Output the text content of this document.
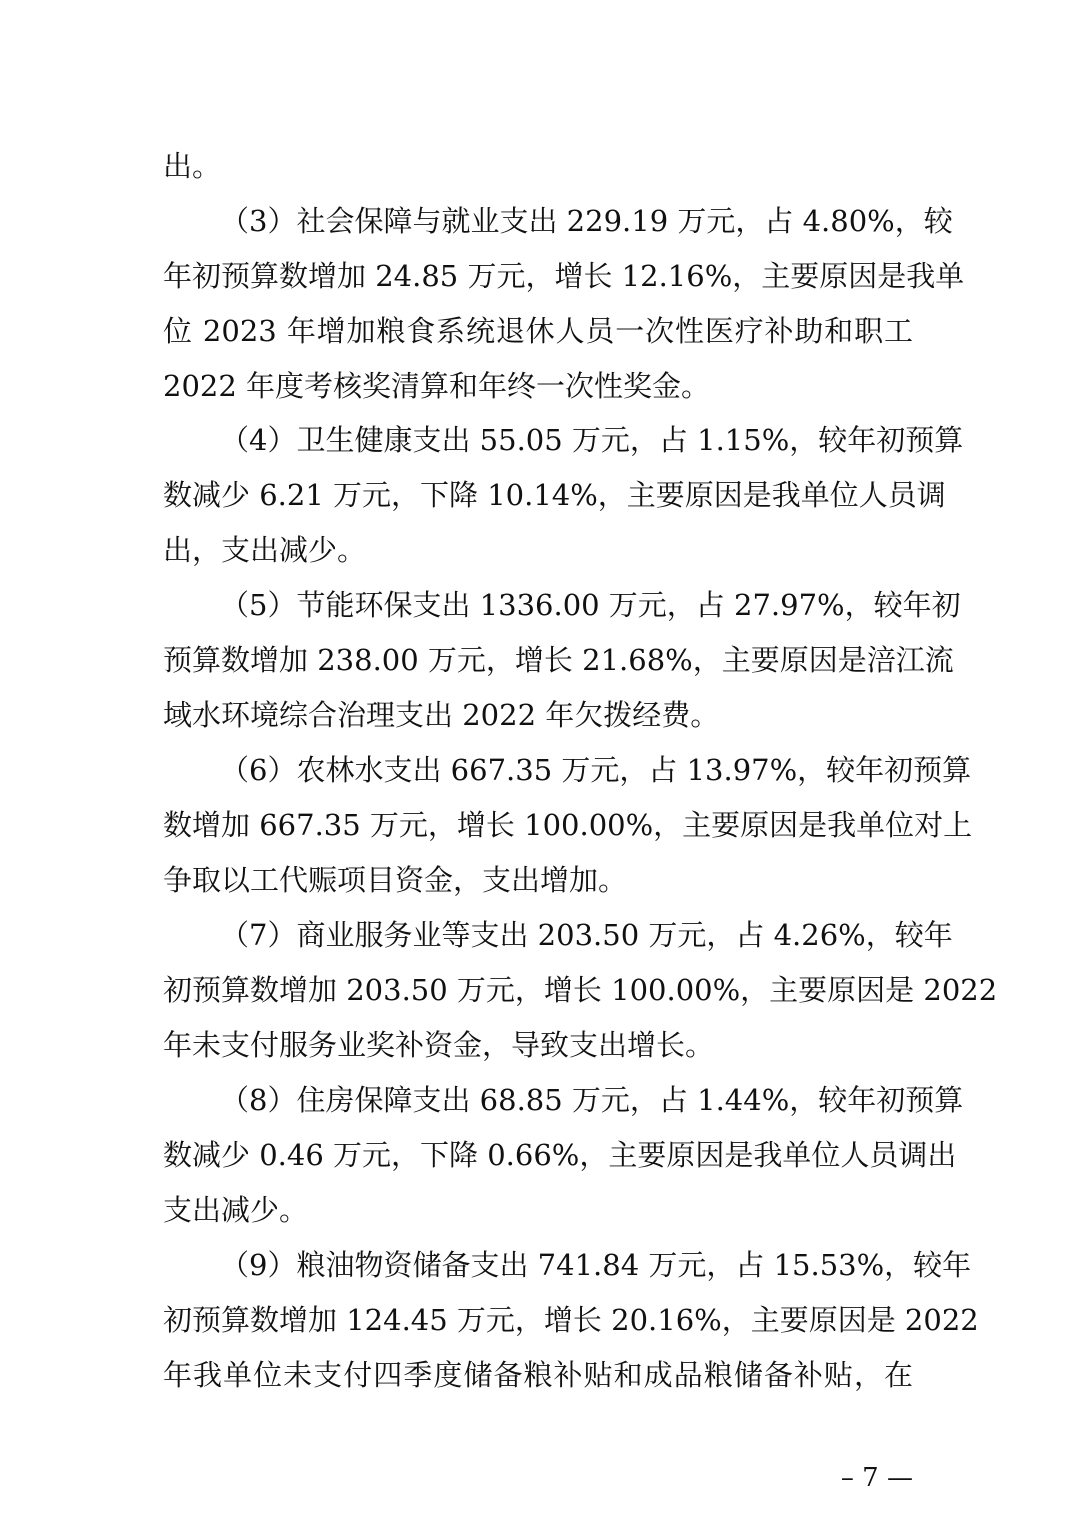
出。
（3）社会保障与就业支出 229.19 万元，占 4.80%，较
年初预算数增加 24.85 万元，增长 12.16%，主要原因是我单
位 2023 年增加粮食系统退休人员一次性医疗补助和职工
2022 年度考核奖清算和年终一次性奖金。
（4）卫生健康支出 55.05 万元，占 1.15%，较年初预算
数减少 6.21 万元，下降 10.14%，主要原因是我单位人员调
出，支出减少。
（5）节能环保支出 1336.00 万元，占 27.97%，较年初
预算数增加 238.00 万元，增长 21.68%，主要原因是涪江流
域水环境综合治理支出 2022 年欠拨经费。
（6）农林水支出 667.35 万元，占 13.97%，较年初预算
数增加 667.35 万元，增长 100.00%，主要原因是我单位对上
争取以工代赈项目资金，支出增加。
（7）商业服务业等支出 203.50 万元，占 4.26%，较年
初预算数增加 203.50 万元，增长 100.00%，主要原因是 2022
年未支付服务业奖补资金，导致支出增长。
（8）住房保障支出 68.85 万元，占 1.44%，较年初预算
数减少 0.46 万元，下降 0.66%，主要原因是我单位人员调出
支出减少。
（9）粮油物资储备支出 741.84 万元，占 15.53%，较年
初预算数增加 124.45 万元，增长 20.16%，主要原因是 2022
年我单位未支付四季度储备粮补贴和成品粮储备补贴，在
– 7 —
